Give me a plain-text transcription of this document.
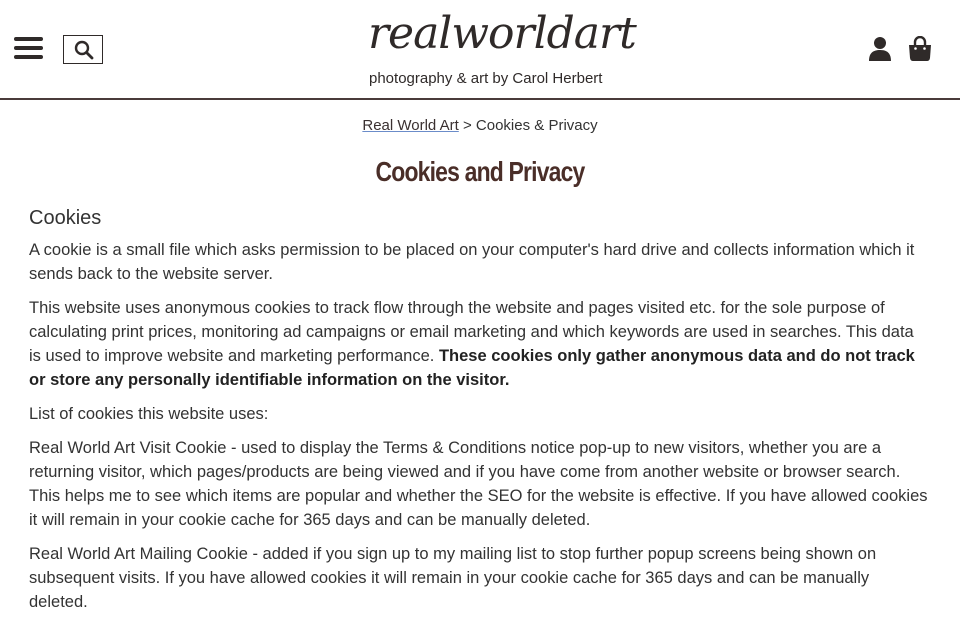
realworldart
photography & art by Carol Herbert
Real World Art > Cookies & Privacy
Cookies and Privacy
Cookies

A cookie is a small file which asks permission to be placed on your computer's hard drive and collects information which it sends back to the website server.

This website uses anonymous cookies to track flow through the website and pages visited etc. for the sole purpose of calculating print prices, monitoring ad campaigns or email marketing and which keywords are used in searches. This data is used to improve website and marketing performance. These cookies only gather anonymous data and do not track or store any personally identifiable information on the visitor.

List of cookies this website uses:

Real World Art Visit Cookie - used to display the Terms & Conditions notice pop-up to new visitors, whether you are a returning visitor, which pages/products are being viewed and if you have come from another website or browser search. This helps me to see which items are popular and whether the SEO for the website is effective. If you have allowed cookies it will remain in your cookie cache for 365 days and can be manually deleted.

Real World Art Mailing Cookie - added if you sign up to my mailing list to stop further popup screens being shown on subsequent visits. If you have allowed cookies it will remain in your cookie cache for 365 days and can be manually deleted.
